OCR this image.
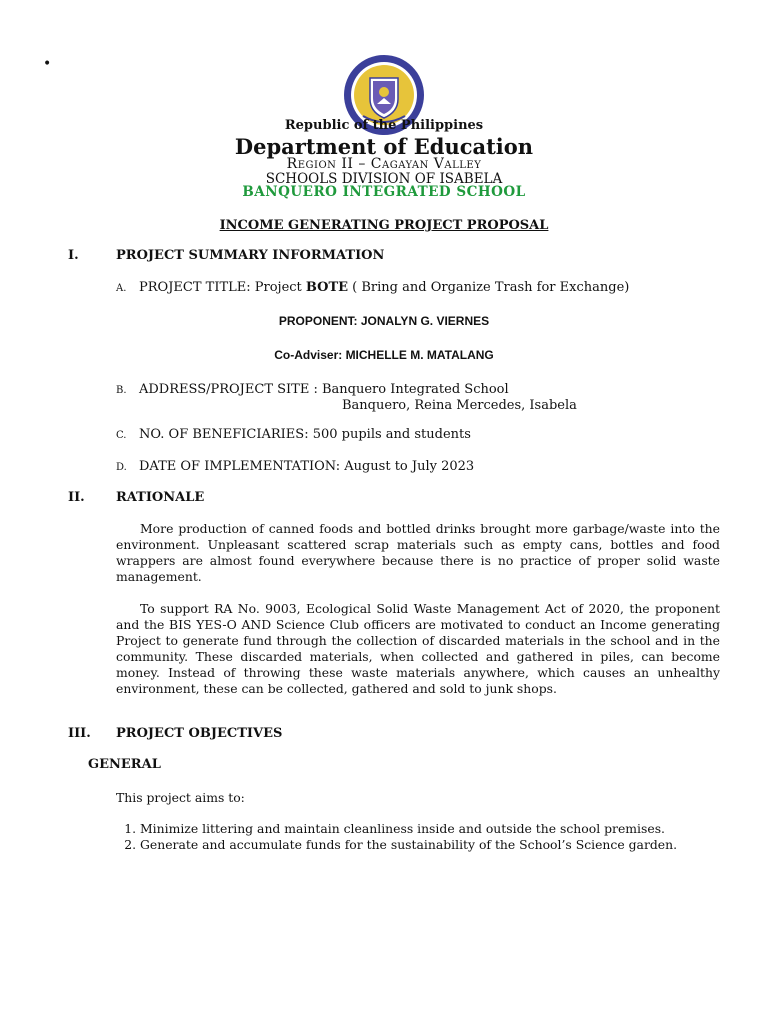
•
Republic of the Philippines
Department of Education
Region II – Cagayan Valley
SCHOOLS DIVISION OF ISABELA
BANQUERO INTEGRATED SCHOOL
INCOME GENERATING PROJECT PROPOSAL
I.	PROJECT SUMMARY INFORMATION
A. PROJECT TITLE: Project BOTE ( Bring and Organize Trash for Exchange)
PROPONENT: JONALYN G. VIERNES
Co-Adviser: MICHELLE M. MATALANG
B. ADDRESS/PROJECT SITE : Banquero Integrated School
Banquero, Reina Mercedes, Isabela
C. NO. OF BENEFICIARIES: 500 pupils and students
D. DATE OF IMPLEMENTATION: August to July 2023
II. RATIONALE

More production of canned foods and bottled drinks brought more garbage/waste into the environment. Unpleasant scattered scrap materials such as empty cans, bottles and food wrappers are almost found everywhere because there is no practice of proper solid waste management.

To support RA No. 9003, Ecological Solid Waste Management Act of 2020, the proponent and the BIS YES-O AND Science Club officers are motivated to conduct an Income generating Project to generate fund through the collection of discarded materials in the school and in the community. These discarded materials, when collected and gathered in piles, can become money. Instead of throwing these waste materials anywhere, which causes an unhealthy environment, these can be collected, gathered and sold to junk shops.

III. PROJECT OBJECTIVES
GENERAL
This project aims to:
1. Minimize littering and maintain cleanliness inside and outside the school premises.
2. Generate and accumulate funds for the sustainability of the School’s Science garden.
